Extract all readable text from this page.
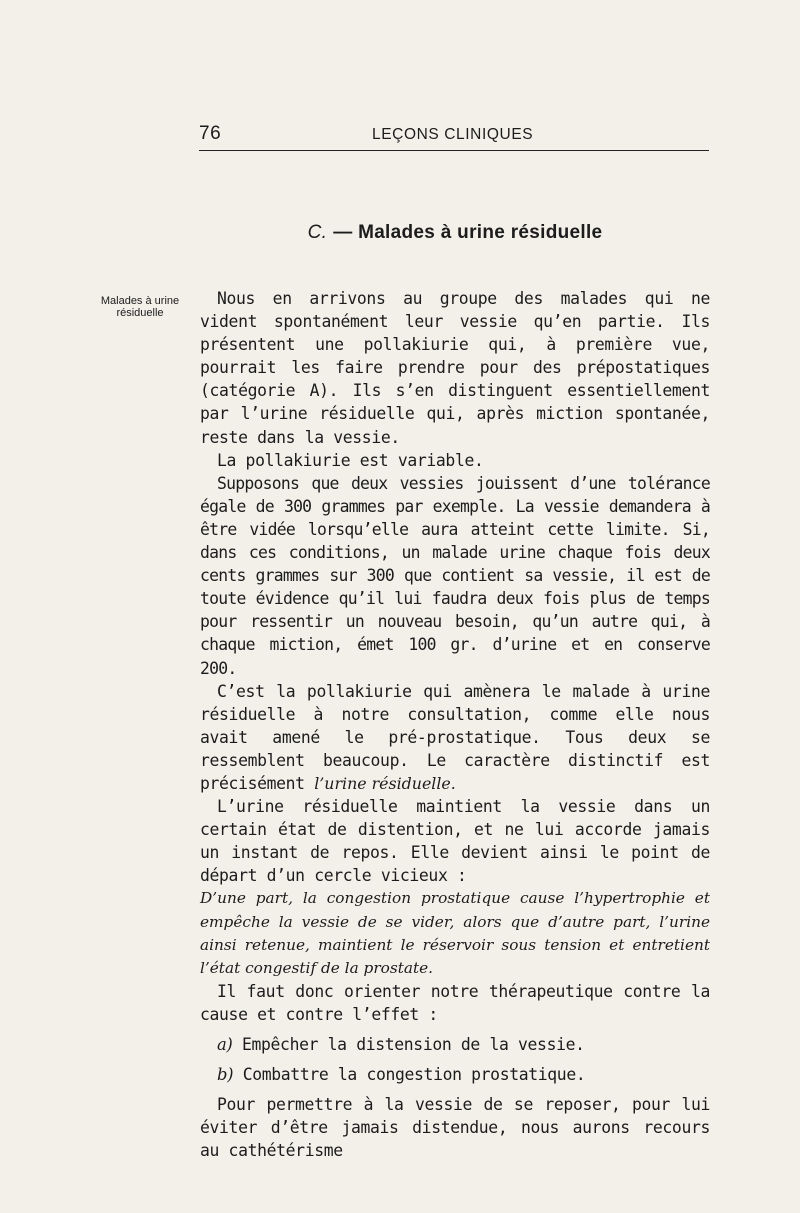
76	LEÇONS CLINIQUES
C. — Malades à urine résiduelle
Malades à urine
résiduelle

Nous en arrivons au groupe des malades qui ne vident spontanément leur vessie qu’en partie. Ils présentent une pollakiurie qui, à première vue, pourrait les faire prendre pour des prépostatiques (catégorie A). Ils s’en distinguent essentiellement par l’urine résiduelle qui, après miction spontanée, reste dans la vessie.

La pollakiurie est variable.

Supposons que deux vessies jouissent d’une tolérance égale de 300 grammes par exemple. La vessie demandera à être vidée lorsqu’elle aura atteint cette limite. Si, dans ces conditions, un malade urine chaque fois deux cents grammes sur 300 que contient sa vessie, il est de toute évidence qu’il lui faudra deux fois plus de temps pour ressentir un nouveau besoin, qu’un autre qui, à chaque miction, émet 100 gr. d’urine et en conserve 200.

C’est la pollakiurie qui amènera le malade à urine résiduelle à notre consultation, comme elle nous avait amené le pré-prostatique. Tous deux se ressemblent beaucoup. Le caractère distinctif est précisément l’urine résiduelle.

L’urine résiduelle maintient la vessie dans un certain état de distention, et ne lui accorde jamais un instant de repos. Elle devient ainsi le point de départ d’un cercle vicieux :

D’une part, la congestion prostatique cause l’hypertrophie et empêche la vessie de se vider, alors que d’autre part, l’urine ainsi retenue, maintient le réservoir sous tension et entretient l’état congestif de la prostate.

Il faut donc orienter notre thérapeutique contre la cause et contre l’effet :

a) Empêcher la distension de la vessie.

b) Combattre la congestion prostatique.

Pour permettre à la vessie de se reposer, pour lui éviter d’être jamais distendue, nous aurons recours au cathétérisme
